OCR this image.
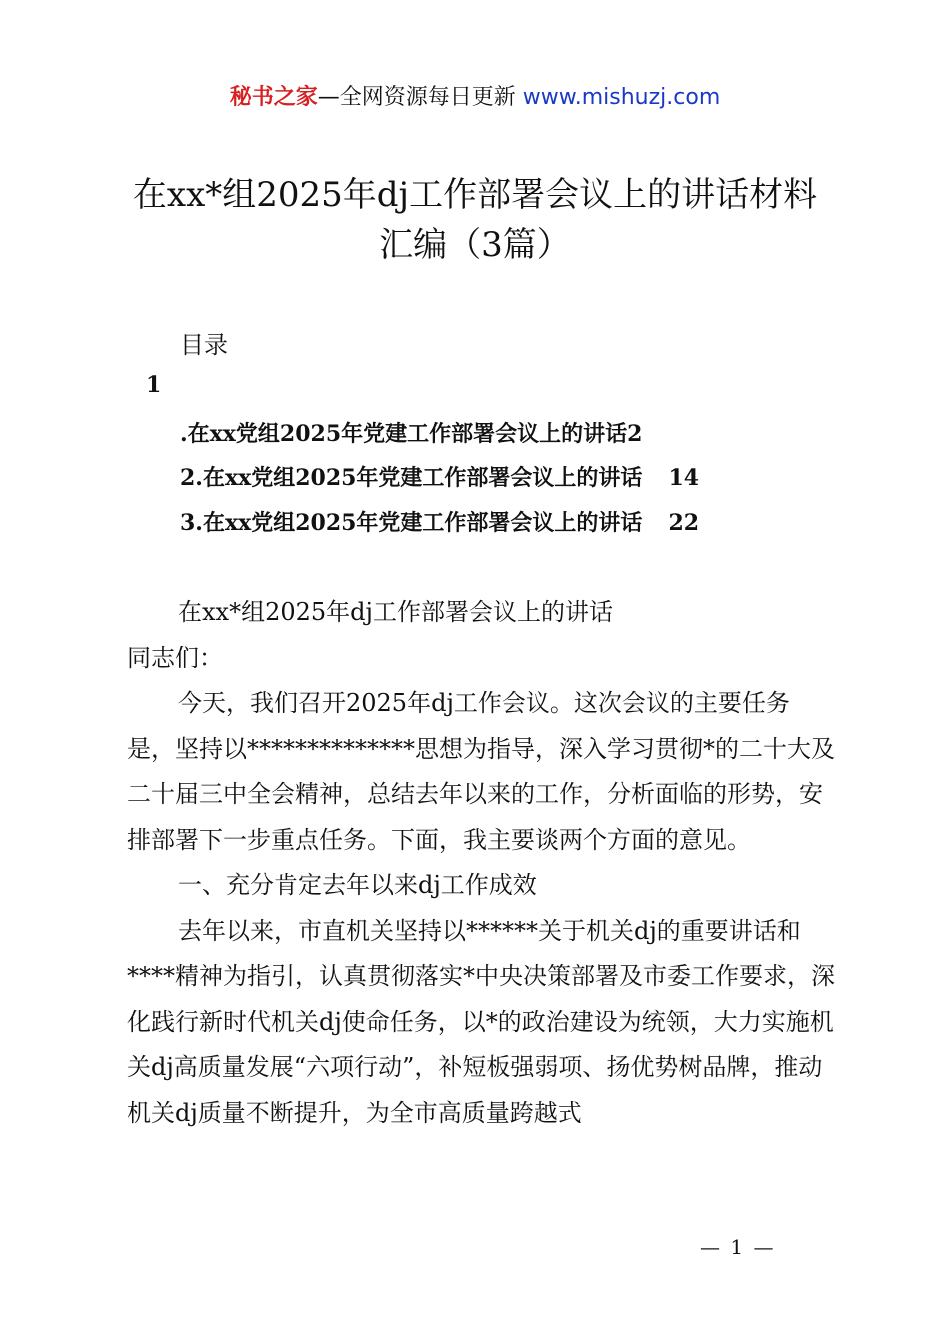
秘书之家—全网资源每日更新 www.mishuzj.com
在xx*组2025年dj工作部署会议上的讲话材料汇编（3篇）
目录
1
.在xx党组2025年党建工作部署会议上的讲话2
2.在xx党组2025年党建工作部署会议上的讲话 14
3.在xx党组2025年党建工作部署会议上的讲话 22

在xx*组2025年dj工作部署会议上的讲话

同志们：

今天，我们召开2025年dj工作会议。这次会议的主要任务是，坚持以**************思想为指导，深入学习贯彻*的二十大及二十届三中全会精神，总结去年以来的工作，分析面临的形势，安排部署下一步重点任务。下面，我主要谈两个方面的意见。

一、充分肯定去年以来dj工作成效

去年以来，市直机关坚持以******关于机关dj的重要讲话和****精神为指引，认真贯彻落实*中央决策部署及市委工作要求，深化践行新时代机关dj使命任务，以*的政治建设为统领，大力实施机关dj高质量发展“六项行动”，补短板强弱项、扬优势树品牌，推动机关dj质量不断提升，为全市高质量跨越式

— 1 —
